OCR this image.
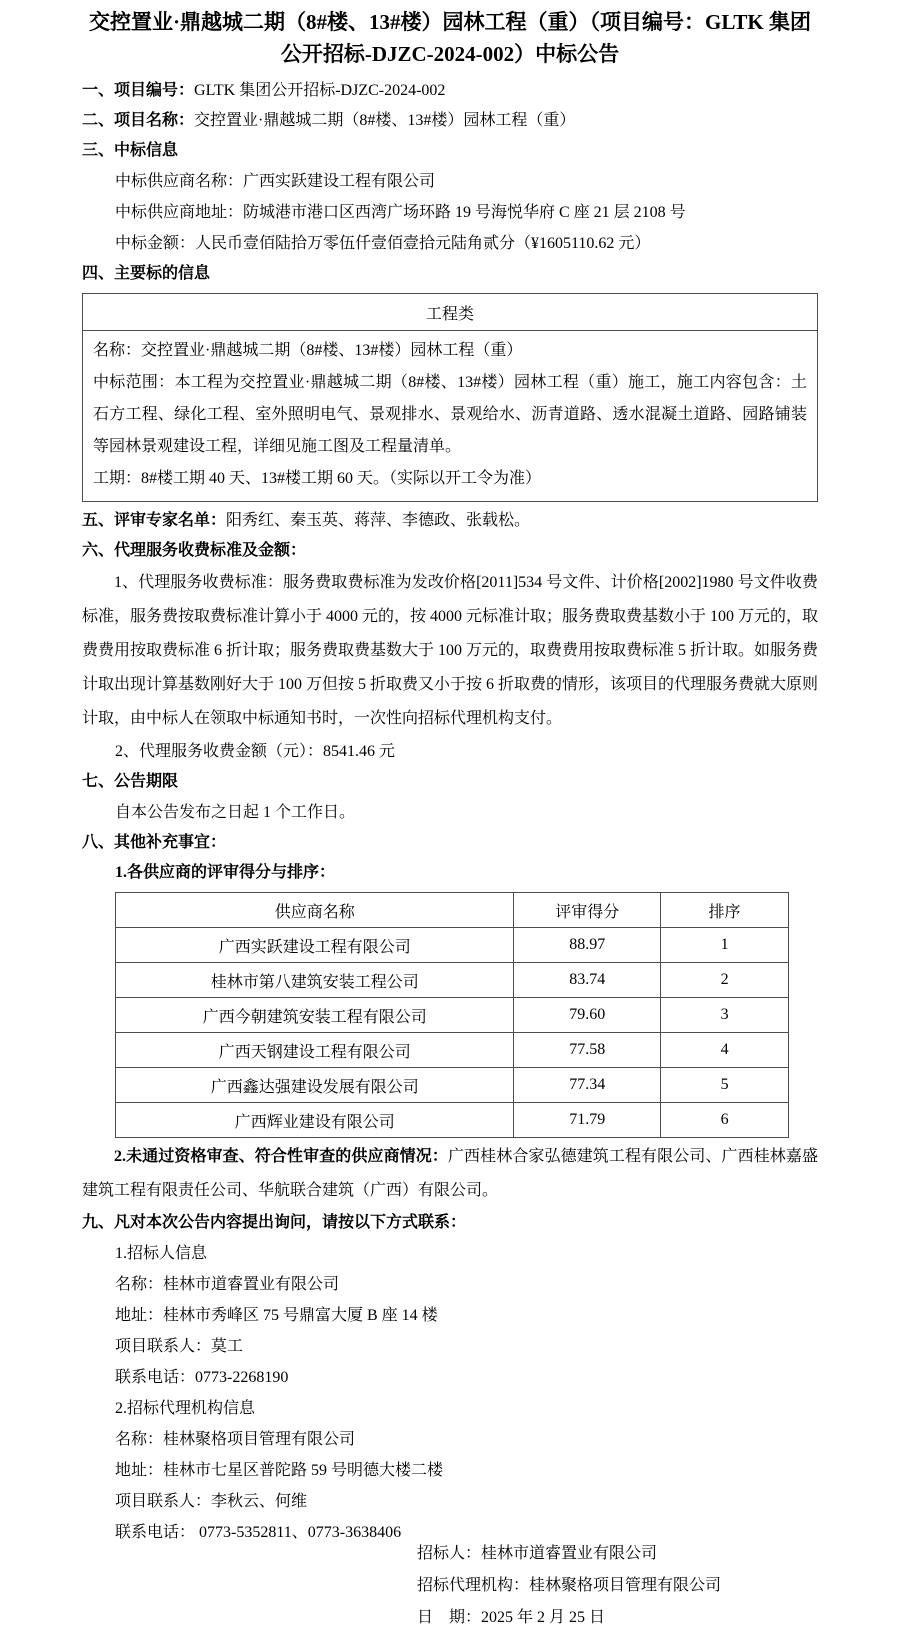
交控置业·鼎越城二期（8#楼、13#楼）园林工程（重）（项目编号：GLTK 集团
公开招标-DJZC-2024-002）中标公告
一、项目编号：GLTK 集团公开招标-DJZC-2024-002
二、项目名称：交控置业·鼎越城二期（8#楼、13#楼）园林工程（重）
三、中标信息
中标供应商名称：广西实跃建设工程有限公司
中标供应商地址：防城港市港口区西湾广场环路 19 号海悦华府 C 座 21 层 2108 号
中标金额：人民币壹佰陆拾万零伍仟壹佰壹拾元陆角贰分（¥1605110.62 元）
四、主要标的信息
工程类

名称：交控置业·鼎越城二期（8#楼、13#楼）园林工程（重）

中标范围：本工程为交控置业·鼎越城二期（8#楼、13#楼）园林工程（重）施工，施工内容包含：土石方工程、绿化工程、室外照明电气、景观排水、景观给水、沥青道路、透水混凝土道路、园路铺装等园林景观建设工程，详细见施工图及工程量清单。

工期：8#楼工期 40 天、13#楼工期 60 天。（实际以开工令为准）

五、评审专家名单：阳秀红、秦玉英、蒋萍、李德政、张载松。
六、代理服务收费标准及金额：

1、代理服务收费标准：服务费取费标准为发改价格[2011]534 号文件、计价格[2002]1980 号文件收费标准，服务费按取费标准计算小于 4000 元的，按 4000 元标准计取；服务费取费基数小于 100 万元的，取费费用按取费标准 6 折计取；服务费取费基数大于 100 万元的，取费费用按取费标准 5 折计取。如服务费计取出现计算基数刚好大于 100 万但按 5 折取费又小于按 6 折取费的情形，该项目的代理服务费就大原则计取，由中标人在领取中标通知书时，一次性向招标代理机构支付。

2、代理服务收费金额（元）：8541.46 元
七、公告期限
自本公告发布之日起 1 个工作日。
八、其他补充事宜：
1.各供应商的评审得分与排序：
供应商名称	评审得分	排序
广西实跃建设工程有限公司	88.97	1
桂林市第八建筑安装工程公司	83.74	2
广西今朝建筑安装工程有限公司	79.60	3
广西天钢建设工程有限公司	77.58	4
广西鑫达强建设发展有限公司	77.34	5
广西辉业建设有限公司	71.79	6

2.未通过资格审查、符合性审查的供应商情况：广西桂林合家弘德建筑工程有限公司、广西桂林嘉盛建筑工程有限责任公司、华航联合建筑（广西）有限公司。

九、凡对本次公告内容提出询问，请按以下方式联系：
1.招标人信息
名称：桂林市道睿置业有限公司
地址：桂林市秀峰区 75 号鼎富大厦 B 座 14 楼
项目联系人：莫工
联系电话：0773-2268190
2.招标代理机构信息
名称：桂林聚格项目管理有限公司
地址：桂林市七星区普陀路 59 号明德大楼二楼
项目联系人：李秋云、何维
联系电话： 0773-5352811、0773-3638406
招标人：桂林市道睿置业有限公司
招标代理机构：桂林聚格项目管理有限公司
日　期：2025 年 2 月 25 日
